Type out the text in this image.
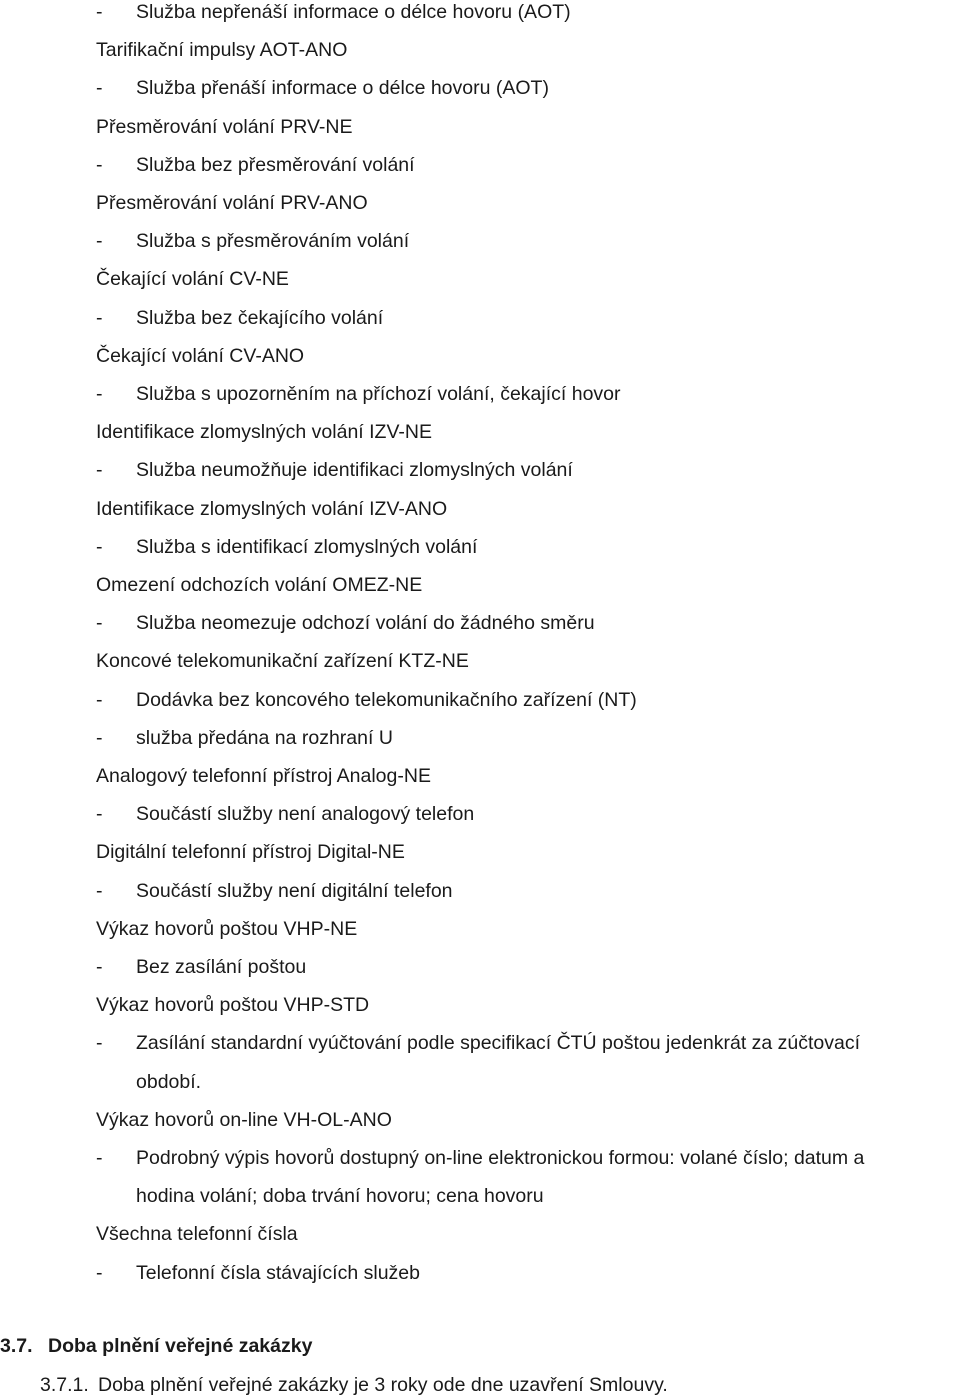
- Služba nepřenáší informace o délce hovoru (AOT)
Tarifikační impulsy AOT-ANO
- Služba přenáší informace o délce hovoru (AOT)
Přesměrování volání PRV-NE
- Služba bez přesměrování volání
Přesměrování volání PRV-ANO
- Služba s přesměrováním volání
Čekající volání CV-NE
- Služba bez čekajícího volání
Čekající volání CV-ANO
- Služba s upozorněním na příchozí volání, čekající hovor
Identifikace zlomyslných volání IZV-NE
- Služba neumožňuje identifikaci zlomyslných volání
Identifikace zlomyslných volání IZV-ANO
- Služba s identifikací zlomyslných volání
Omezení odchozích volání OMEZ-NE
- Služba neomezuje odchozí volání do žádného směru
Koncové telekomunikační zařízení KTZ-NE
- Dodávka bez koncového telekomunikačního zařízení (NT)
- služba předána na rozhraní U
Analogový telefonní přístroj Analog-NE
- Součástí služby není analogový telefon
Digitální telefonní přístroj Digital-NE
- Součástí služby není digitální telefon
Výkaz hovorů poštou VHP-NE
- Bez zasílání poštou
Výkaz hovorů poštou VHP-STD
- Zasílání standardní vyúčtování podle specifikací ČTÚ poštou jedenkrát za zúčtovací
období.
Výkaz hovorů on-line VH-OL-ANO
- Podrobný výpis hovorů dostupný on-line elektronickou formou: volané číslo; datum a
hodina volání; doba trvání hovoru; cena hovoru
Všechna telefonní čísla
- Telefonní čísla stávajících služeb
3.7. Doba plnění veřejné zakázky
3.7.1. Doba plnění veřejné zakázky je 3 roky ode dne uzavření Smlouvy.
